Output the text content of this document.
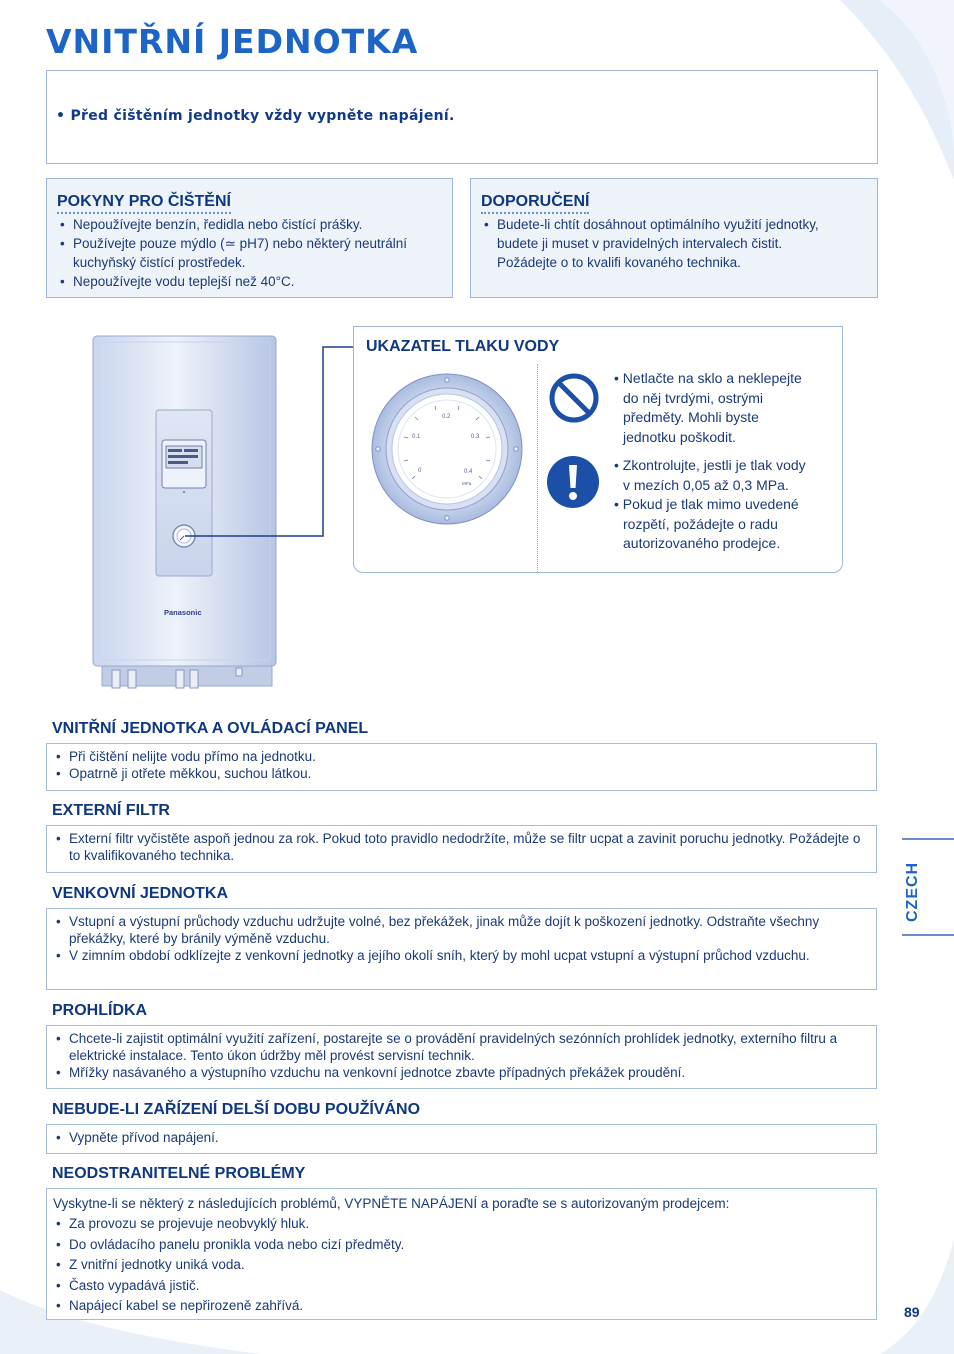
VNITŘNÍ JEDNOTKA
• Před čištěním jednotky vždy vypněte napájení.
POKYNY PRO ČIŠTĚNÍ
• Nepoužívejte benzín, ředidla nebo čistící prášky.
• Používejte pouze mýdlo (≃ pH7) nebo některý neutrální
kuchyňský čistící prostředek.
• Nepoužívejte vodu teplejší než 40°C.
DOPORUČENÍ
• Budete-li chtít dosáhnout optimálního využití jednotky,
budete ji muset v pravidelných intervalech čistit.
Požádejte o to kvalifi kovaného technika.
Panasonic
UKAZATEL TLAKU VODY
0.1
0.2
0.3
0.4
0
MPa
• Netlačte na sklo a neklepejte
do něj tvrdými, ostrými
předměty. Mohli byste
jednotku poškodit.
• Zkontrolujte, jestli je tlak vody
v mezích 0,05 až 0,3 MPa.
• Pokud je tlak mimo uvedené
rozpětí, požádejte o radu
autorizovaného prodejce.
VNITŘNÍ JEDNOTKA A OVLÁDACÍ PANEL
• Při čištění nelijte vodu přímo na jednotku.
• Opatrně ji otřete měkkou, suchou látkou.
EXTERNÍ FILTR
• Externí filtr vyčistěte aspoň jednou za rok. Pokud toto pravidlo nedodržíte, může se filtr ucpat a zavinit poruchu jednotky. Požádejte o to kvalifikovaného technika.
VENKOVNÍ JEDNOTKA
• Vstupní a výstupní průchody vzduchu udržujte volné, bez překážek, jinak může dojít k poškození jednotky. Odstraňte všechny překážky, které by bránily výměně vzduchu.
• V zimním období odklízejte z venkovní jednotky a jejího okolí sníh, který by mohl ucpat vstupní a výstupní průchod vzduchu.
PROHLÍDKA
• Chcete-li zajistit optimální využití zařízení, postarejte se o provádění pravidelných sezónních prohlídek jednotky, externího filtru a elektrické instalace. Tento úkon údržby měl provést servisní technik.
• Mřížky nasávaného a výstupního vzduchu na venkovní jednotce zbavte případných překážek proudění.
NEBUDE-LI ZAŘÍZENÍ DELŠÍ DOBU POUŽÍVÁNO
• Vypněte přívod napájení.
NEODSTRANITELNÉ PROBLÉMY
Vyskytne-li se některý z následujících problémů, VYPNĚTE NAPÁJENÍ a poraďte se s autorizovaným prodejcem:
• Za provozu se projevuje neobvyklý hluk.
• Do ovládacího panelu pronikla voda nebo cizí předměty.
• Z vnitřní jednotky uniká voda.
• Často vypadává jistič.
• Napájecí kabel se nepřirozeně zahřívá.
CZECH
89
